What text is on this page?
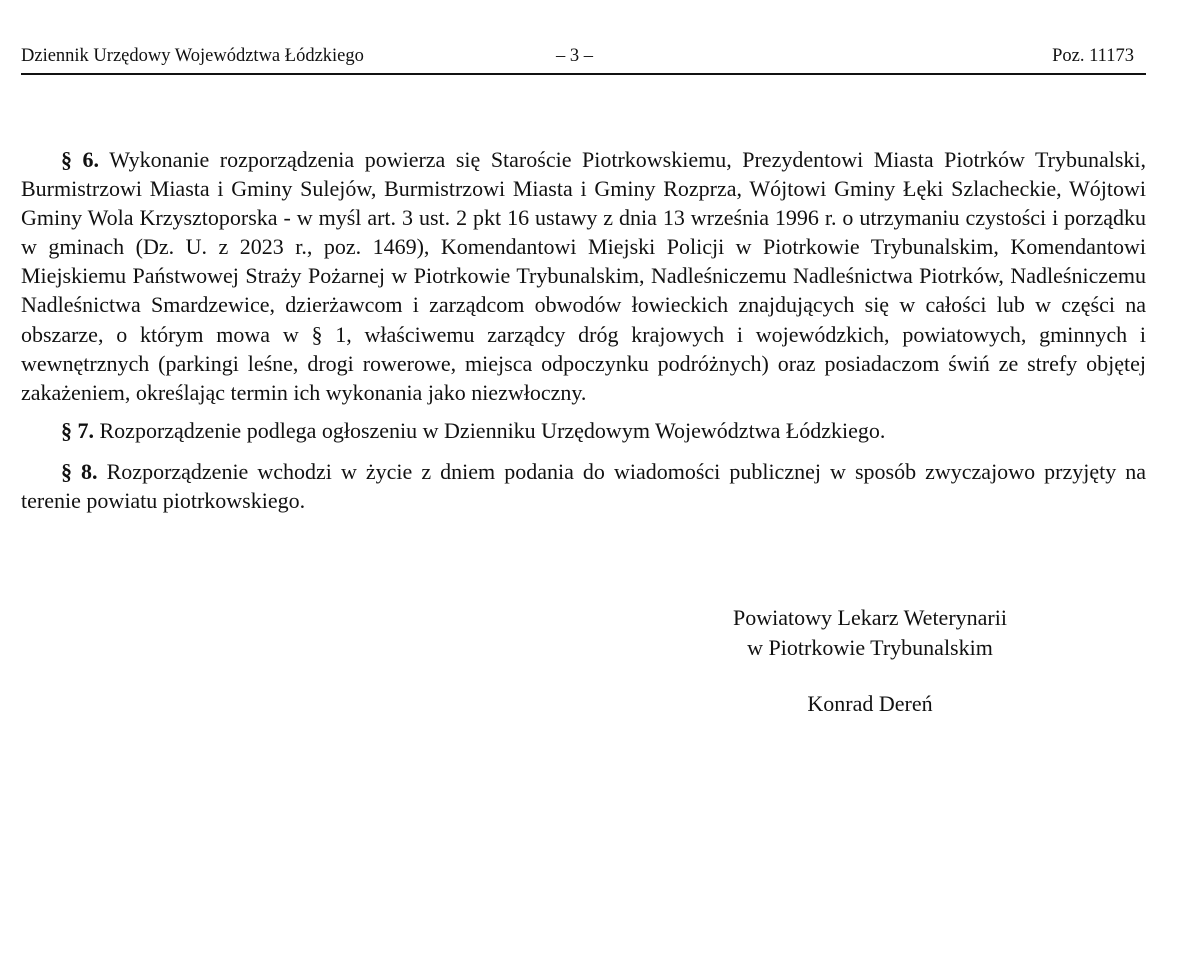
Dziennik Urzędowy Województwa Łódzkiego	– 3 –	Poz. 11173

§ 6. Wykonanie rozporządzenia powierza się Staroście Piotrkowskiemu, Prezydentowi Miasta Piotrków Trybunalski, Burmistrzowi Miasta i Gminy Sulejów, Burmistrzowi Miasta i Gminy Rozprza, Wójtowi Gminy Łęki Szlacheckie, Wójtowi Gminy Wola Krzysztoporska - w myśl art. 3 ust. 2 pkt 16 ustawy z dnia 13 września 1996 r. o utrzymaniu czystości i porządku w gminach (Dz. U. z 2023 r., poz. 1469), Komendantowi Miejski Policji w Piotrkowie Trybunalskim, Komendantowi Miejskiemu Państwowej Straży Pożarnej w Piotrkowie Trybunalskim, Nadleśniczemu Nadleśnictwa Piotrków, Nadleśniczemu Nadleśnictwa Smardzewice, dzierżawcom i zarządcom obwodów łowieckich znajdujących się w całości lub w części na obszarze, o którym mowa w § 1, właściwemu zarządcy dróg krajowych i wojewódzkich, powiatowych, gminnych i wewnętrznych (parkingi leśne, drogi rowerowe, miejsca odpoczynku podróżnych) oraz posiadaczom świń ze strefy objętej zakażeniem, określając termin ich wykonania jako niezwłoczny.

§ 7. Rozporządzenie podlega ogłoszeniu w Dzienniku Urzędowym Województwa Łódzkiego.

§ 8. Rozporządzenie wchodzi w życie z dniem podania do wiadomości publicznej w sposób zwyczajowo przyjęty na terenie powiatu piotrkowskiego.

Powiatowy Lekarz Weterynarii
w Piotrkowie Trybunalskim
Konrad Dereń
